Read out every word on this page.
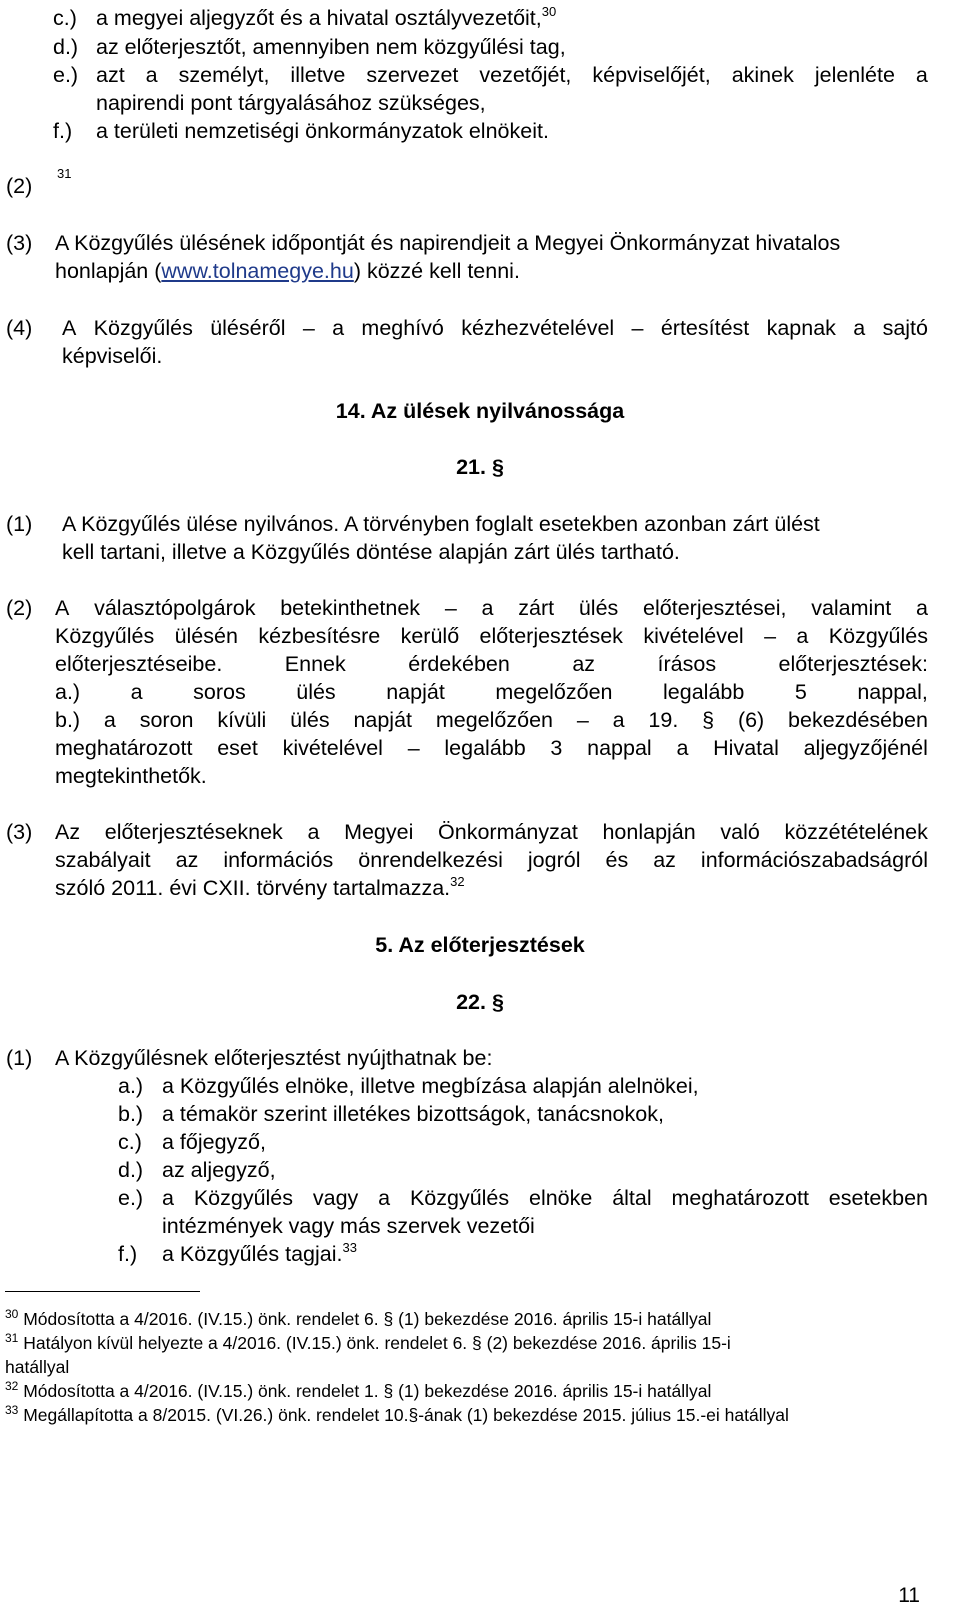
c.) a megyei aljegyzőt és a hivatal osztályvezetőit,$^{30}$
d.) az előterjesztőt, amennyiben nem közgyűlési tag,
e.) azt a személyt, illetve szervezet vezetőjét, képviselőjét, akinek jelenléte a
napirendi pont tárgyalásához szükséges,
f.) a területi nemzetiségi önkormányzatok elnökeit.
(2)
31
(3) A Közgyűlés ülésének időpontját és napirendjeit a Megyei Önkormányzat hivatalos
honlapján (www.tolnamegye.hu) közzé kell tenni.
(4) A Közgyűlés üléséről – a meghívó kézhezvételével – értesítést kapnak a sajtó
képviselői.
14. Az ülések nyilvánossága
21. §
(1) A Közgyűlés ülése nyilvános. A törvényben foglalt esetekben azonban zárt ülést
kell tartani, illetve a Közgyűlés döntése alapján zárt ülés tartható.
(2) A választópolgárok betekinthetnek – a zárt ülés előterjesztései, valamint a
Közgyűlés ülésén kézbesítésre kerülő előterjesztések kivételével – a Közgyűlés
előterjesztéseibe.	Ennek	érdekében	az	írásos	előterjesztések:
a.) a soros ülés napját megelőzően legalább 5 nappal,
b.) a soron kívüli ülés napját megelőzően – a 19. § (6) bekezdésében
meghatározott eset kivételével – legalább 3 nappal a Hivatal aljegyzőjénél
megtekinthetők.
(3) Az előterjesztéseknek a Megyei Önkormányzat honlapján való közzétételének
szabályait az információs önrendelkezési jogról és az információszabadságról
szóló 2011. évi CXII. törvény tartalmazza.$^{32}$
5. Az előterjesztések
22. §
(1) A Közgyűlésnek előterjesztést nyújthatnak be:
a.) a Közgyűlés elnöke, illetve megbízása alapján alelnökei,
b.) a témakör szerint illetékes bizottságok, tanácsnokok,
c.) a főjegyző,
d.) az aljegyző,
e.) a Közgyűlés vagy a Közgyűlés elnöke által meghatározott esetekben
intézmények vagy más szervek vezetői
f.) a Közgyűlés tagjai.$^{33}$
$^{30}$ Módosította a 4/2016. (IV.15.) önk. rendelet 6. § (1) bekezdése 2016. április 15-i hatállyal
$^{31}$ Hatályon kívül helyezte a 4/2016. (IV.15.) önk. rendelet 6. § (2) bekezdése 2016. április 15-i
hatállyal
$^{32}$ Módosította a 4/2016. (IV.15.) önk. rendelet 1. § (1) bekezdése 2016. április 15-i hatállyal
$^{33}$ Megállapította a 8/2015. (VI.26.) önk. rendelet 10.§-ának (1) bekezdése 2015. július 15.-ei hatállyal
11
